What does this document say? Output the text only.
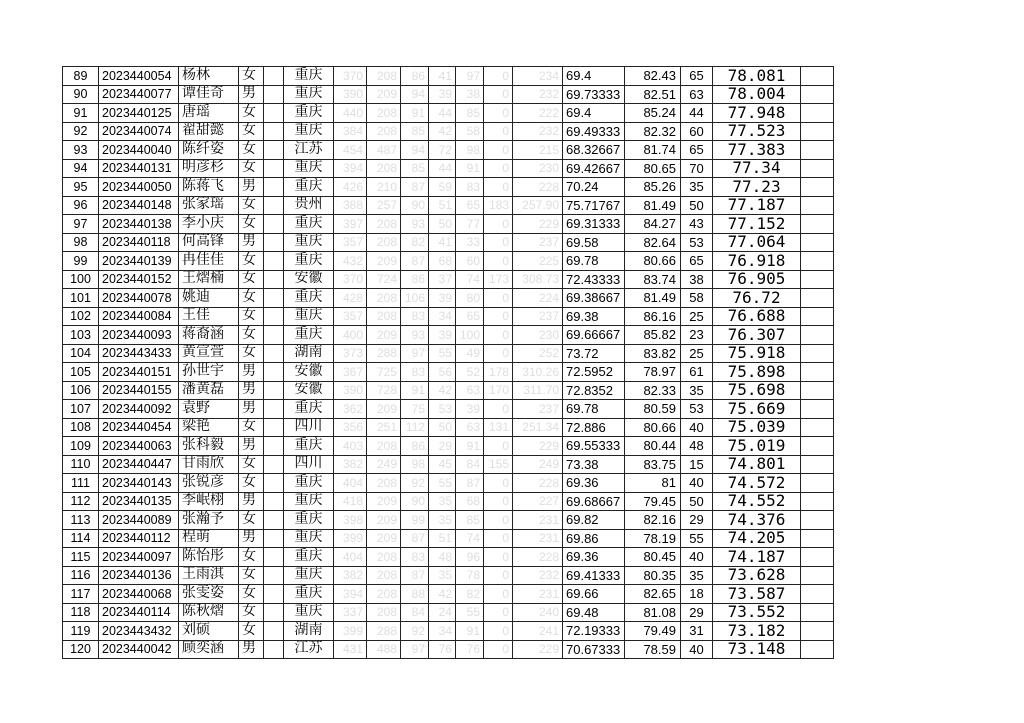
89	2023440054	杨林	女		重庆	370	208	86	41	97	0	234	69.4	82.43	65	78.081	
90	2023440077	谭佳奇	男		重庆	390	209	94	39	38	0	232	69.73333	82.51	63	78.004	
91	2023440125	唐瑶	女		重庆	440	208	91	44	85	0	222	69.4	85.24	44	77.948	
92	2023440074	翟甜懿	女		重庆	384	208	85	42	58	0	232	69.49333	82.32	60	77.523	
93	2023440040	陈纤姿	女		江苏	454	487	94	72	98	0	215	68.32667	81.74	65	77.383	
94	2023440131	明彦杉	女		重庆	394	208	85	44	91	0	230	69.42667	80.65	70	77.34	
95	2023440050	陈蒋飞	男		重庆	426	210	87	59	83	0	228	70.24	85.26	35	77.23	
96	2023440148	张家瑶	女		贵州	388	257	90	51	65	183	257.90	75.71767	81.49	50	77.187	
97	2023440138	李小庆	女		重庆	397	208	93	50	77	0	229	69.31333	84.27	43	77.152	
98	2023440118	何高锋	男		重庆	357	208	82	41	33	0	237	69.58	82.64	53	77.064	
99	2023440139	冉佳佳	女		重庆	432	209	87	68	60	0	225	69.78	80.66	65	76.918	
100	2023440152	王熠楠	女		安徽	370	724	86	37	74	173	308.73	72.43333	83.74	38	76.905	
101	2023440078	姚迪	女		重庆	428	208	106	39	80	0	224	69.38667	81.49	58	76.72	
102	2023440084	王佳	女		重庆	357	208	83	34	65	0	237	69.38	86.16	25	76.688	
103	2023440093	蒋裔涵	女		重庆	400	209	93	39	100	0	230	69.66667	85.82	23	76.307	
104	2023443433	黄宣萱	女		湖南	373	288	97	55	49	0	252	73.72	83.82	25	75.918	
105	2023440151	孙世宇	男		安徽	367	725	83	56	52	178	310.26	72.5952	78.97	61	75.898	
106	2023440155	潘黄磊	男		安徽	390	728	91	42	63	170	311.70	72.8352	82.33	35	75.698	
107	2023440092	袁野	男		重庆	362	209	75	53	39	0	237	69.78	80.59	53	75.669	
108	2023440454	梁艳	女		四川	356	251	112	50	63	131	251.34	72.886	80.66	40	75.039	
109	2023440063	张科毅	男		重庆	403	208	86	29	91	0	229	69.55333	80.44	48	75.019	
110	2023440447	甘雨欣	女		四川	382	249	98	45	84	155	249	73.38	83.75	15	74.801	
111	2023440143	张锐彦	女		重庆	404	208	92	55	87	0	228	69.36	81	40	74.572	
112	2023440135	李岷栩	男		重庆	418	209	90	35	68	0	227	69.68667	79.45	50	74.552	
113	2023440089	张瀚予	女		重庆	398	209	99	35	85	0	231	69.82	82.16	29	74.376	
114	2023440112	程萌	男		重庆	399	209	87	51	74	0	231	69.86	78.19	55	74.205	
115	2023440097	陈怡彤	女		重庆	404	208	83	48	96	0	228	69.36	80.45	40	74.187	
116	2023440136	王雨淇	女		重庆	382	208	87	35	78	0	232	69.41333	80.35	35	73.628	
117	2023440068	张雯姿	女		重庆	394	208	88	42	82	0	231	69.66	82.65	18	73.587	
118	2023440114	陈秋熠	女		重庆	337	208	84	24	55	0	240	69.48	81.08	29	73.552	
119	2023443432	刘硕	女		湖南	399	288	92	34	91	0	241	72.19333	79.49	31	73.182	
120	2023440042	顾奕涵	男		江苏	431	488	97	76	76	0	229	70.67333	78.59	40	73.148	
